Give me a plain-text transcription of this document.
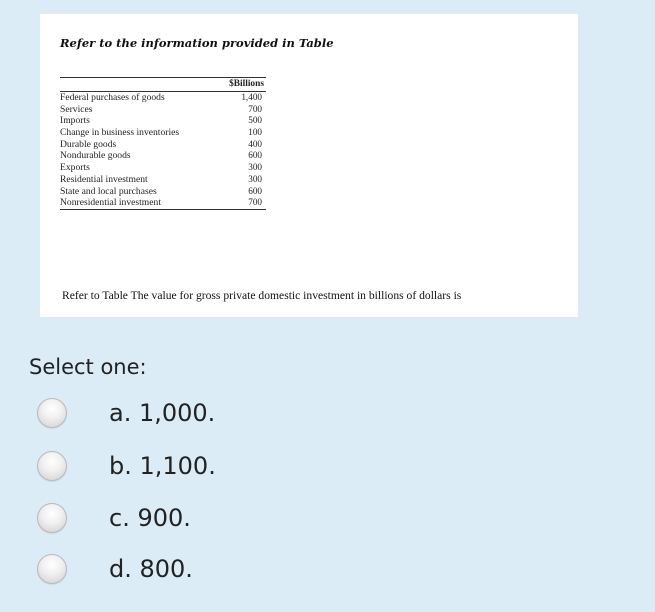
Refer to the information provided in Table
$Billions
Federal purchases of goods	1,400
Services	700
Imports	500
Change in business inventories	100
Durable goods	400
Nondurable goods	600
Exports	300
Residential investment	300
State and local purchases	600
Nonresidential investment	700
Refer to Table The value for gross private domestic investment in billions of dollars is
Select one:
a. 1,000.
b. 1,100.
c. 900.
d. 800.
